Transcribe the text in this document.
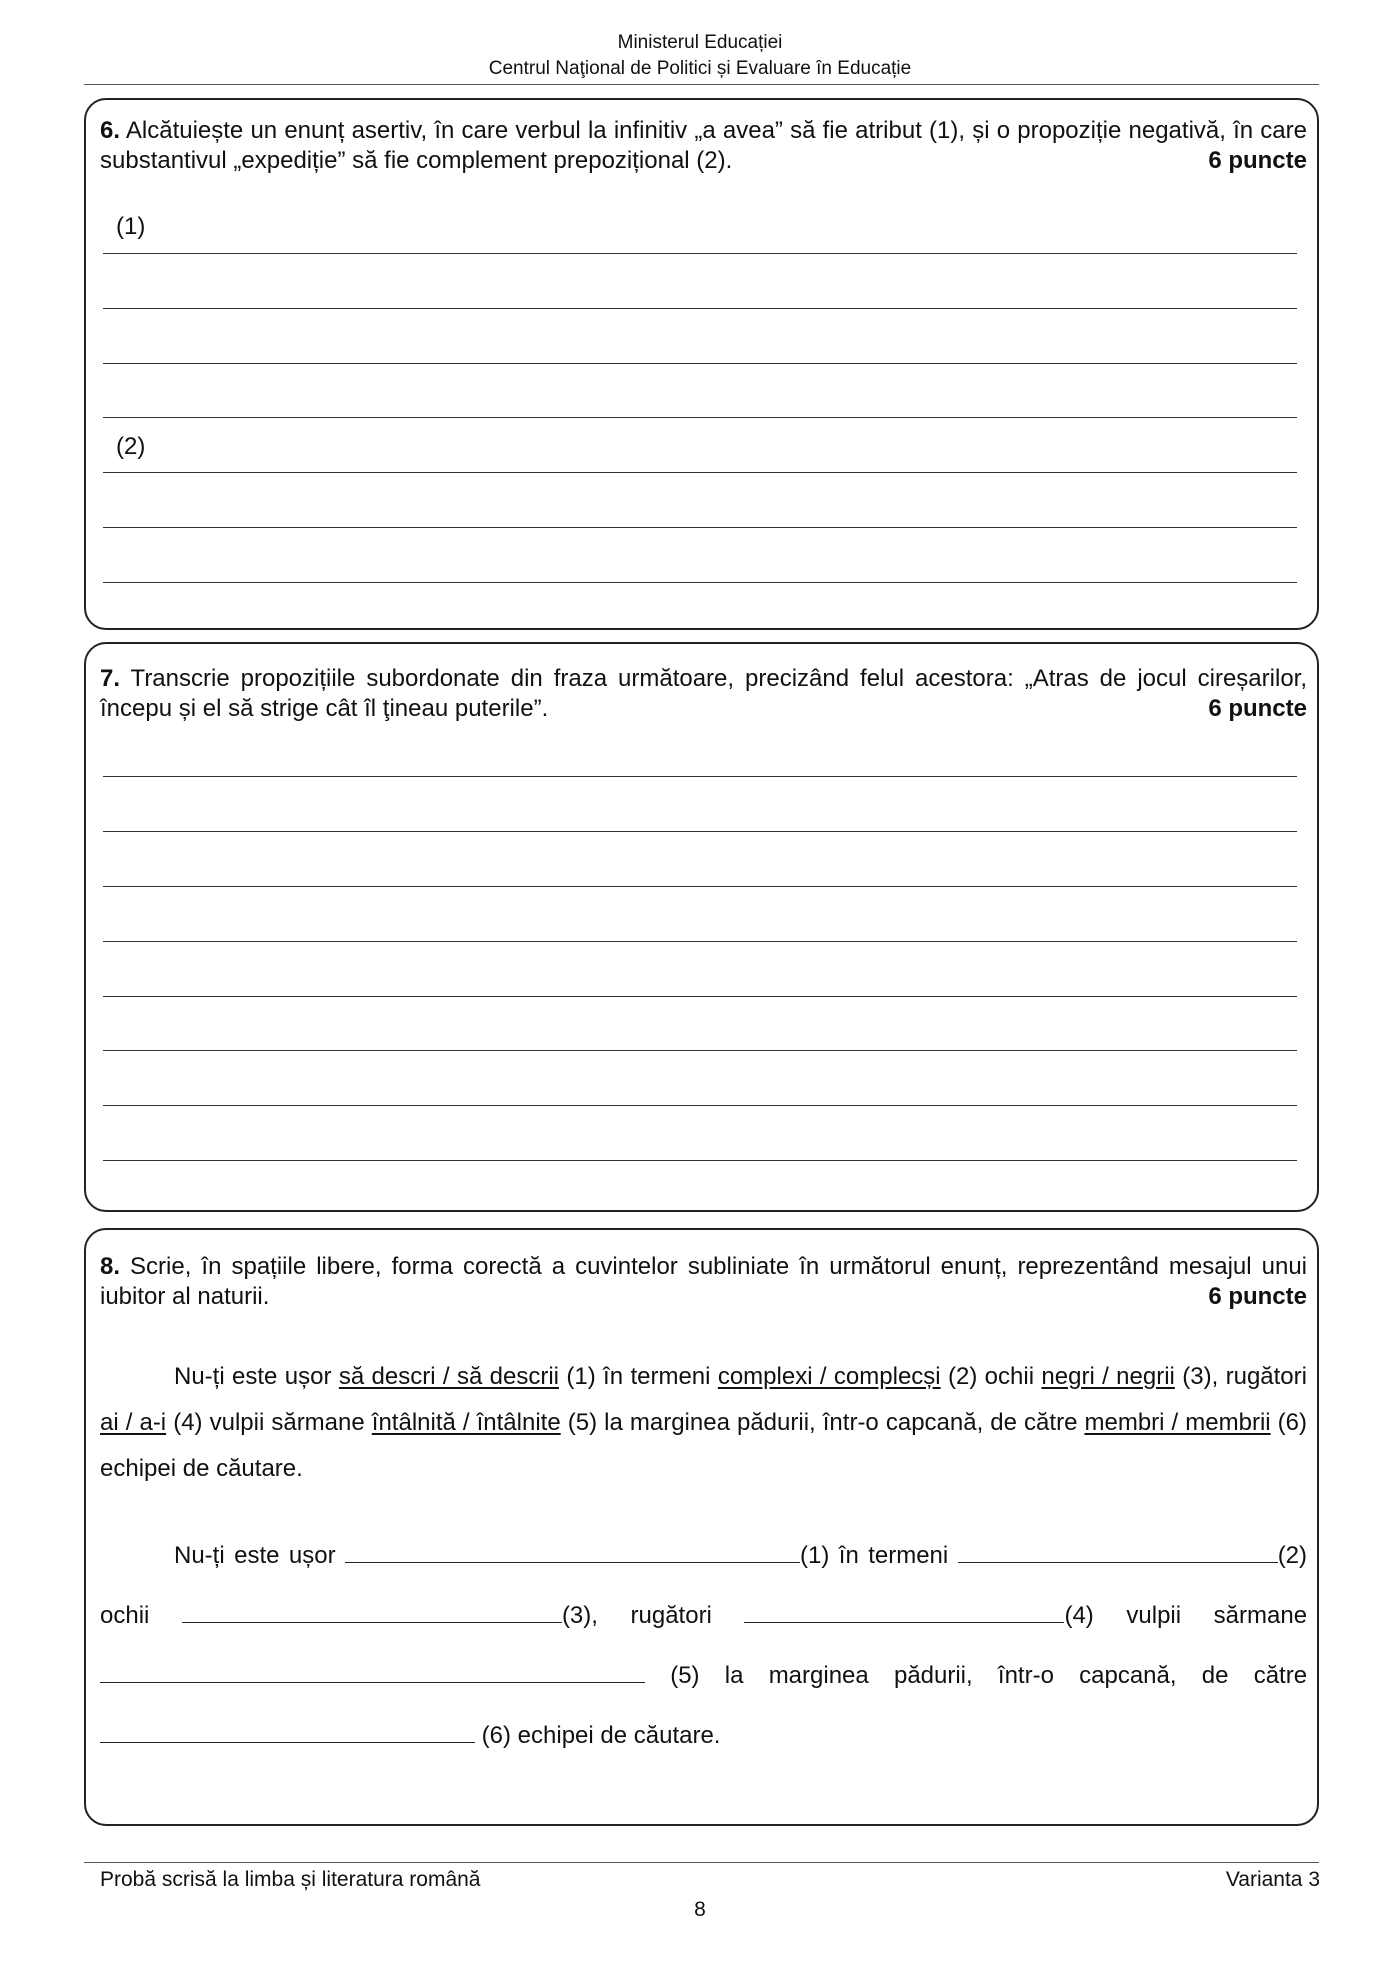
Ministerul Educației
Centrul Naţional de Politici și Evaluare în Educație
6. Alcătuiește un enunț asertiv, în care verbul la infinitiv „a avea” să fie atribut (1), și o propoziție negativă, în care substantivul „expediție” să fie complement prepozițional (2).	6 puncte
(1)
(2)
7. Transcrie propozițiile subordonate din fraza următoare, precizând felul acestora: „Atras de jocul cireșarilor, începu și el să strige cât îl ţineau puterile”.	6 puncte
8. Scrie, în spațiile libere, forma corectă a cuvintelor subliniate în următorul enunț, reprezentând mesajul unui iubitor al naturii.	6 puncte
Nu-ți este ușor să descri / să descrii (1) în termeni complexi / complecși (2) ochii negri / negrii (3), rugători ai / a-i (4) vulpii sărmane întâlnită / întâlnite (5) la marginea pădurii, într-o capcană, de către membri / membrii (6) echipei de căutare.
Nu-ți este ușor	(1) în termeni	(2)
ochii	(3), rugători	(4) vulpii sărmane
(5) la marginea pădurii, într-o capcană, de către
(6) echipei de căutare.
Probă scrisă la limba și literatura română	Varianta 3
8
